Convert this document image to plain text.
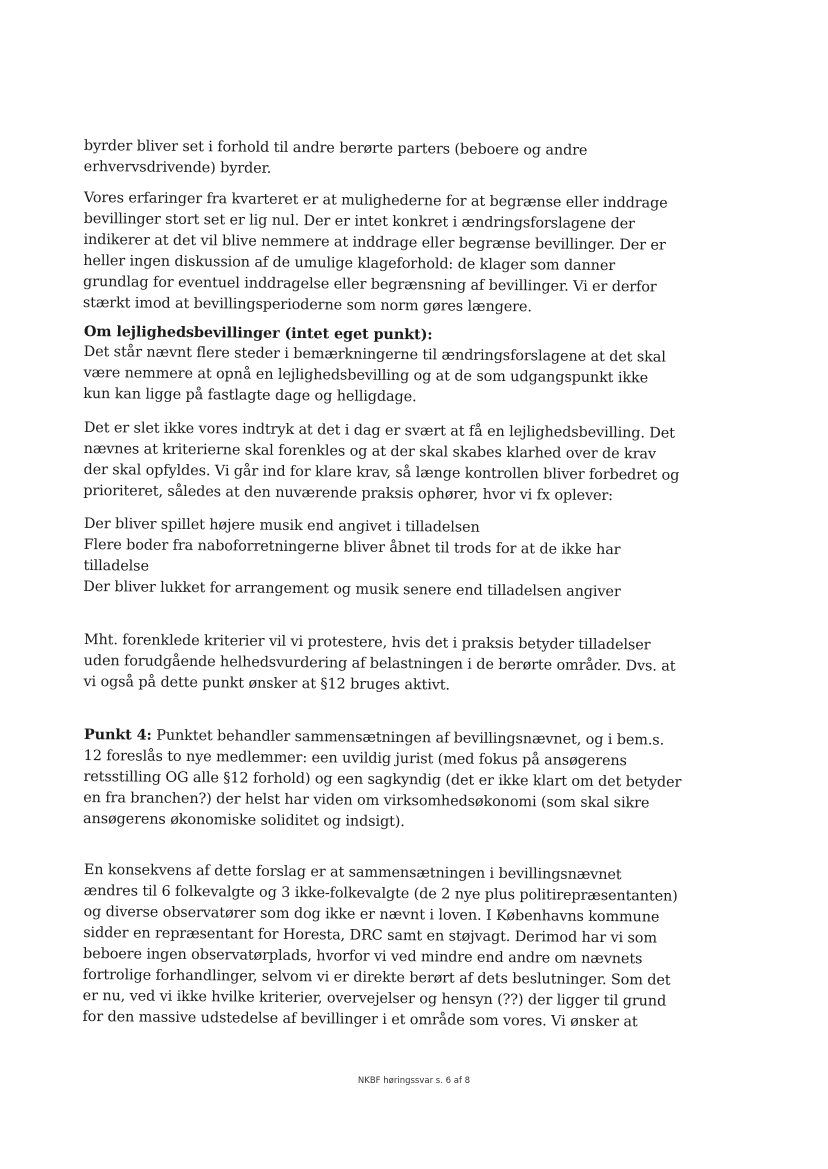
byrder bliver set i forhold til andre berørte parters (beboere og andre
erhvervsdrivende) byrder.
Vores erfaringer fra kvarteret er at mulighederne for at begrænse eller inddrage
bevillinger stort set er lig nul. Der er intet konkret i ændringsforslagene der
indikerer at det vil blive nemmere at inddrage eller begrænse bevillinger. Der er
heller ingen diskussion af de umulige klageforhold: de klager som danner
grundlag for eventuel inddragelse eller begrænsning af bevillinger. Vi er derfor
stærkt imod at bevillingsperioderne som norm gøres længere.
Om lejlighedsbevillinger (intet eget punkt):
Det står nævnt flere steder i bemærkningerne til ændringsforslagene at det skal
være nemmere at opnå en lejlighedsbevilling og at de som udgangspunkt ikke
kun kan ligge på fastlagte dage og helligdage.
Det er slet ikke vores indtryk at det i dag er svært at få en lejlighedsbevilling. Det
nævnes at kriterierne skal forenkles og at der skal skabes klarhed over de krav
der skal opfyldes. Vi går ind for klare krav, så længe kontrollen bliver forbedret og
prioriteret, således at den nuværende praksis ophører, hvor vi fx oplever:
Der bliver spillet højere musik end angivet i tilladelsen
Flere boder fra naboforretningerne bliver åbnet til trods for at de ikke har
tilladelse
Der bliver lukket for arrangement og musik senere end tilladelsen angiver
Mht. forenklede kriterier vil vi protestere, hvis det i praksis betyder tilladelser
uden forudgående helhedsvurdering af belastningen i de berørte områder. Dvs. at
vi også på dette punkt ønsker at §12 bruges aktivt.
Punkt 4: Punktet behandler sammensætningen af bevillingsnævnet, og i bem.s.
12 foreslås to nye medlemmer: een uvildig jurist (med fokus på ansøgerens
retsstilling OG alle §12 forhold) og een sagkyndig (det er ikke klart om det betyder
en fra branchen?) der helst har viden om virksomhedsøkonomi (som skal sikre
ansøgerens økonomiske soliditet og indsigt).
En konsekvens af dette forslag er at sammensætningen i bevillingsnævnet
ændres til 6 folkevalgte og 3 ikke-folkevalgte (de 2 nye plus politirepræsentanten)
og diverse observatører som dog ikke er nævnt i loven. I Københavns kommune
sidder en repræsentant for Horesta, DRC samt en støjvagt. Derimod har vi som
beboere ingen observatørplads, hvorfor vi ved mindre end andre om nævnets
fortrolige forhandlinger, selvom vi er direkte berørt af dets beslutninger. Som det
er nu, ved vi ikke hvilke kriterier, overvejelser og hensyn (??) der ligger til grund
for den massive udstedelse af bevillinger i et område som vores. Vi ønsker at
NKBF høringssvar s. 6 af 8
